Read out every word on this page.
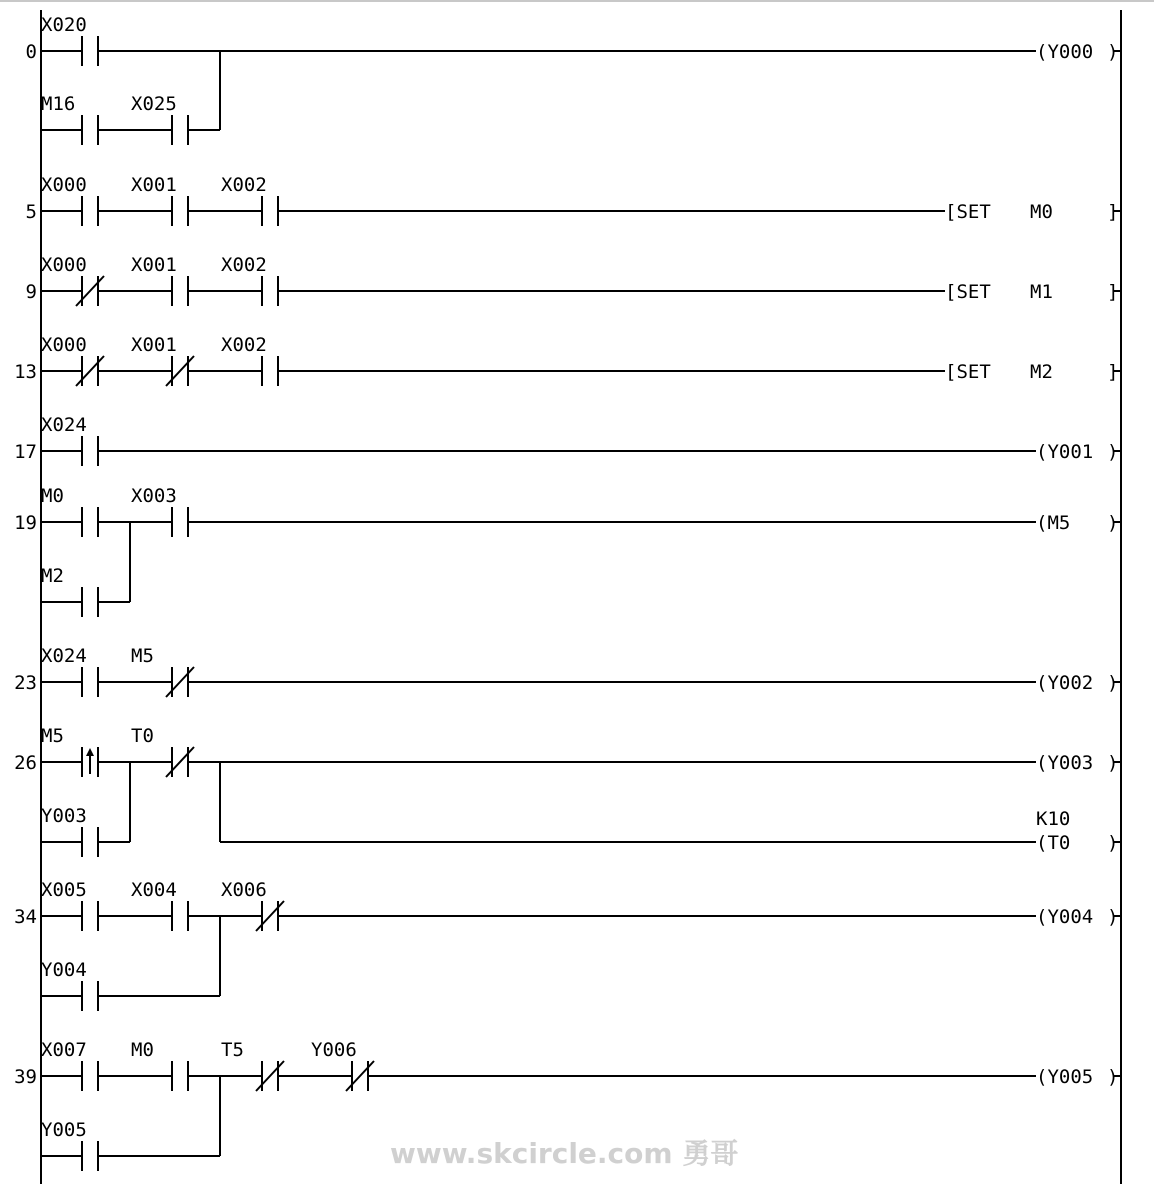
0
X020
(Y000 )
M16	X025
5
X000 X001 X002
[SET M0	]
9
X000 X001 X002
[SET M1	]
13
X000 X001 X002
[SET M2	]
17
X024
(Y001 )
19
M0	X003
(M5 )
M2
23
X024 M5
(Y002 )
26
M5	T0
(Y003 )
Y003
(T0 )
K10
34
X005 X004 X006
(Y004 )
Y004
39
X007 M0	T5	Y006
(Y005 )
Y005
www.skcircle.com 勇哥
